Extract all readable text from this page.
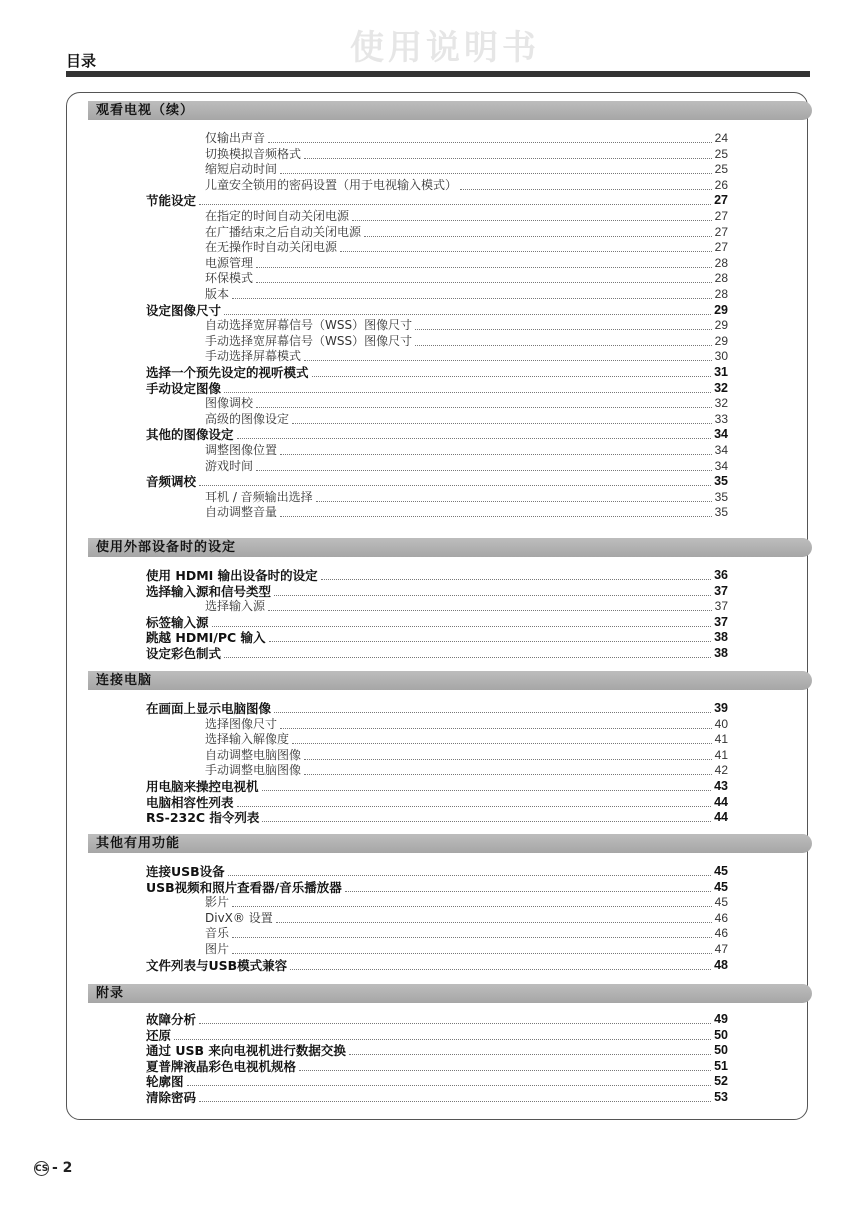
使用说明书
目录
观看电视（续）
仅输出声音	24
切换模拟音频格式	25
缩短启动时间	25
儿童安全锁用的密码设置（用于电视输入模式）	26
节能设定	27
在指定的时间自动关闭电源	27
在广播结束之后自动关闭电源	27
在无操作时自动关闭电源	27
电源管理	28
环保模式	28
版本	28
设定图像尺寸	29
自动选择宽屏幕信号（WSS）图像尺寸	29
手动选择宽屏幕信号（WSS）图像尺寸	29
手动选择屏幕模式	30
选择一个预先设定的视听模式	31
手动设定图像	32
图像调校	32
高级的图像设定	33
其他的图像设定	34
调整图像位置	34
游戏时间	34
音频调校	35
耳机 / 音频输出选择	35
自动调整音量	35
使用外部设备时的设定
使用 HDMI 输出设备时的设定	36
选择输入源和信号类型	37
选择输入源	37
标签输入源	37
跳越 HDMI/PC 输入	38
设定彩色制式	38
连接电脑
在画面上显示电脑图像	39
选择图像尺寸	40
选择输入解像度	41
自动调整电脑图像	41
手动调整电脑图像	42
用电脑来操控电视机	43
电脑相容性列表	44
RS-232C 指令列表	44
其他有用功能
连接USB设备	45
USB视频和照片查看器/音乐播放器	45
影片	45
DivX® 设置	46
音乐	46
图片	47
文件列表与USB模式兼容	48
附录
故障分析	49
还原	50
通过 USB 来向电视机进行数据交换	50
夏普牌液晶彩色电视机规格	51
轮廓图	52
清除密码	53
CS - 2
